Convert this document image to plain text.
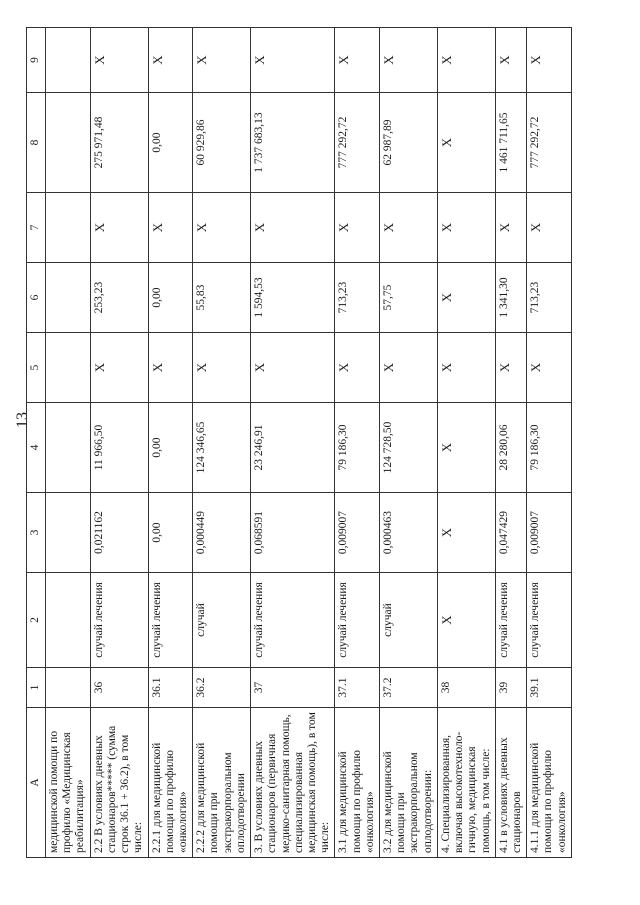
13
А	1	2	3	4	5	6	7	8	9
медицинской помощи по профилю «Медицинская реабилитация»									
2.2 В условиях дневных стационаров***** (сумма строк 36.1 + 36.2), в том числе:	36	случай лечения	0,021162	11 966,50	Х	253,23	Х	275 971,48	Х
2.2.1 для медицинской помощи по профилю «онкология»	36.1	случай лечения	0,00	0,00	Х	0,00	Х	0,00	Х
2.2.2 для медицинской помощи при экстракорпоральном оплодотворении	36.2	случай	0,000449	124 346,65	Х	55,83	Х	60 929,86	Х
3. В условиях дневных стационаров (первичная медико-санитарная помощь, специализированная медицинская помощь), в том числе:	37	случай лечения	0,068591	23 246,91	Х	1 594,53	Х	1 737 683,13	Х
3.1 для медицинской помощи по профилю «онкология»	37.1	случай лечения	0,009007	79 186,30	Х	713,23	Х	777 292,72	Х
3.2 для медицинской помощи при экстракорпоральном оплодотворении:	37.2	случай	0,000463	124 728,50	Х	57,75	Х	62 987,89	Х
4. Специализированная, включая высокотехноло-гичную, медицинская помощь, в том числе:	38	Х	Х	Х	Х	Х	Х	Х	Х
4.1 в условиях дневных стационаров	39	случай лечения	0,047429	28 280,06	Х	1 341,30	Х	1 461 711,65	Х
4.1.1 для медицинской помощи по профилю «онкология»	39.1	случай лечения	0,009007	79 186,30	Х	713,23	Х	777 292,72	Х
